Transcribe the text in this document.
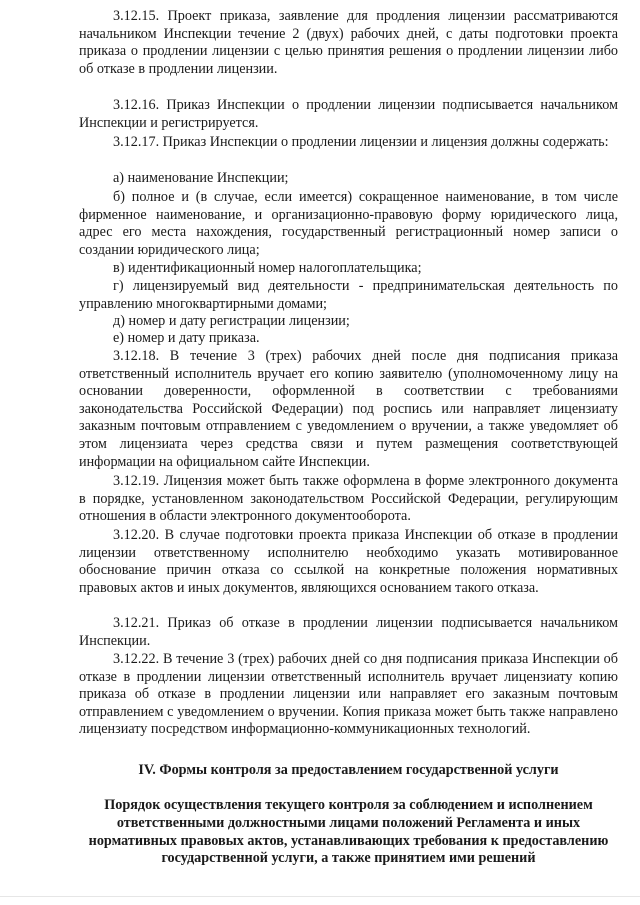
3.12.15. Проект приказа, заявление для продления лицензии рассматриваются начальником Инспекции течение 2 (двух) рабочих дней, с даты подготовки проекта приказа о продлении лицензии с целью принятия решения о продлении лицензии либо об отказе в продлении лицензии.

3.12.16. Приказ Инспекции о продлении лицензии подписывается начальником Инспекции и регистрируется.

3.12.17. Приказ Инспекции о продлении лицензии и лицензия должны содержать:

а) наименование Инспекции;

б) полное и (в случае, если имеется) сокращенное наименование, в том числе фирменное наименование, и организационно-правовую форму юридического лица, адрес его места нахождения, государственный регистрационный номер записи о создании юридического лица;

в) идентификационный номер налогоплательщика;

г) лицензируемый вид деятельности - предпринимательская деятельность по управлению многоквартирными домами;

д) номер и дату регистрации лицензии;

е) номер и дату приказа.

3.12.18. В течение 3 (трех) рабочих дней после дня подписания приказа ответственный исполнитель вручает его копию заявителю (уполномоченному лицу на основании доверенности, оформленной в соответствии с требованиями законодательства Российской Федерации) под роспись или направляет лицензиату заказным почтовым отправлением с уведомлением о вручении, а также уведомляет об этом лицензиата через средства связи и путем размещения соответствующей информации на официальном сайте Инспекции.

3.12.19. Лицензия может быть также оформлена в форме электронного документа в порядке, установленном законодательством Российской Федерации, регулирующим отношения в области электронного документооборота.

3.12.20. В случае подготовки проекта приказа Инспекции об отказе в продлении лицензии ответственному исполнителю необходимо указать мотивированное обоснование причин отказа со ссылкой на конкретные положения нормативных правовых актов и иных документов, являющихся основанием такого отказа.

3.12.21. Приказ об отказе в продлении лицензии подписывается начальником Инспекции.

3.12.22. В течение 3 (трех) рабочих дней со дня подписания приказа Инспекции об отказе в продлении лицензии ответственный исполнитель вручает лицензиату копию приказа об отказе в продлении лицензии или направляет его заказным почтовым отправлением с уведомлением о вручении. Копия приказа может быть также направлено лицензиату посредством информационно-коммуникационных технологий.

IV. Формы контроля за предоставлением государственной услуги
Порядок осуществления текущего контроля за соблюдением и исполнением ответственными должностными лицами положений Регламента и иных нормативных правовых актов, устанавливающих требования к предоставлению государственной услуги, а также принятием ими решений
